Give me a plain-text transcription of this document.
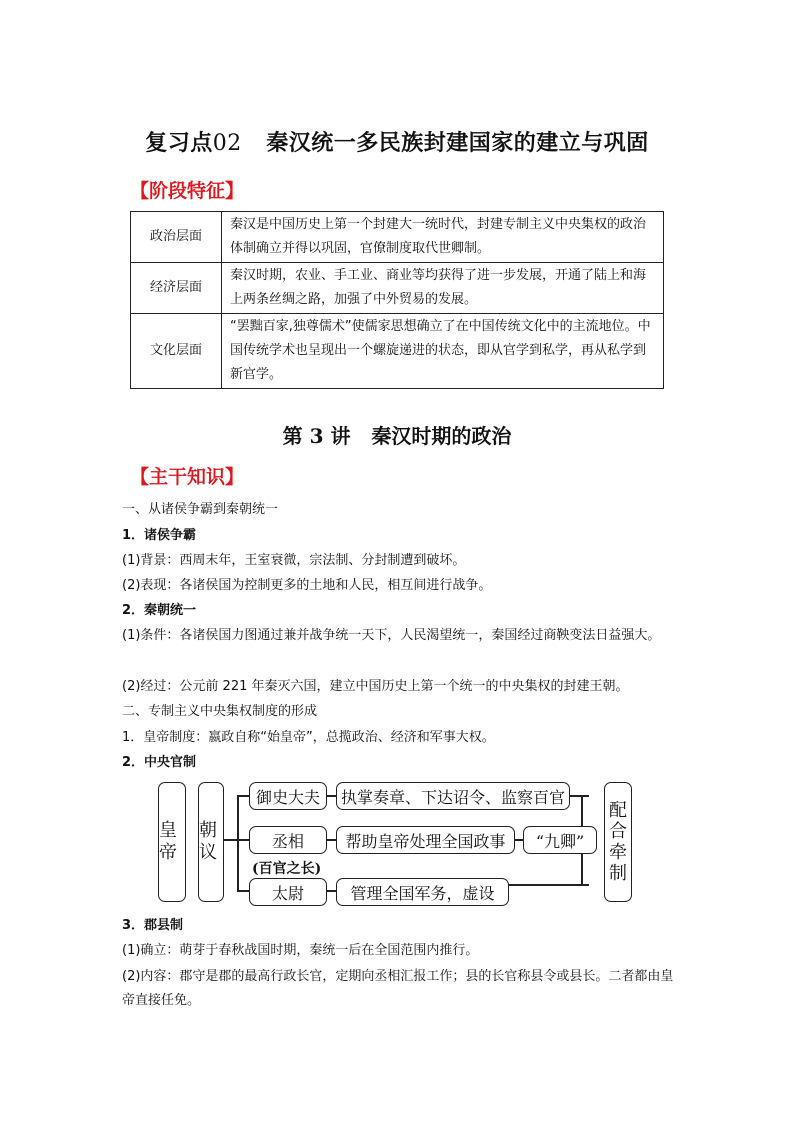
复习点02 秦汉统一多民族封建国家的建立与巩固
【阶段特征】
政治层面	秦汉是中国历史上第一个封建大一统时代，封建专制主义中央集权的政治体制确立并得以巩固，官僚制度取代世卿制。
经济层面	秦汉时期，农业、手工业、商业等均获得了进一步发展，开通了陆上和海上两条丝绸之路，加强了中外贸易的发展。
文化层面	“罢黜百家,独尊儒术”使儒家思想确立了在中国传统文化中的主流地位。中国传统学术也呈现出一个螺旋递进的状态，即从官学到私学，再从私学到新官学。
第 3 讲 秦汉时期的政治
【主干知识】
一、从诸侯争霸到秦朝统一
1．诸侯争霸
(1)背景：西周末年，王室衰微，宗法制、分封制遭到破坏。
(2)表现：各诸侯国为控制更多的土地和人民，相互间进行战争。
2．秦朝统一
(1)条件：各诸侯国力图通过兼并战争统一天下，人民渴望统一，秦国经过商鞅变法日益强大。
(2)经过：公元前 221 年秦灭六国，建立中国历史上第一个统一的中央集权的封建王朝。
二、专制主义中央集权制度的形成
1．皇帝制度：嬴政自称“始皇帝”，总揽政治、经济和军事大权。
2．中央官制
皇帝
朝议
御史大夫
丞相
(百官之长)
太尉
执掌奏章、下达诏令、监察百官
帮助皇帝处理全国政事	“九卿”
管理全国军务，虚设
配合牵制
3．郡县制
(1)确立：萌芽于春秋战国时期，秦统一后在全国范围内推行。
(2)内容：郡守是郡的最高行政长官，定期向丞相汇报工作；县的长官称县令或县长。二者都由皇帝直接任免。
